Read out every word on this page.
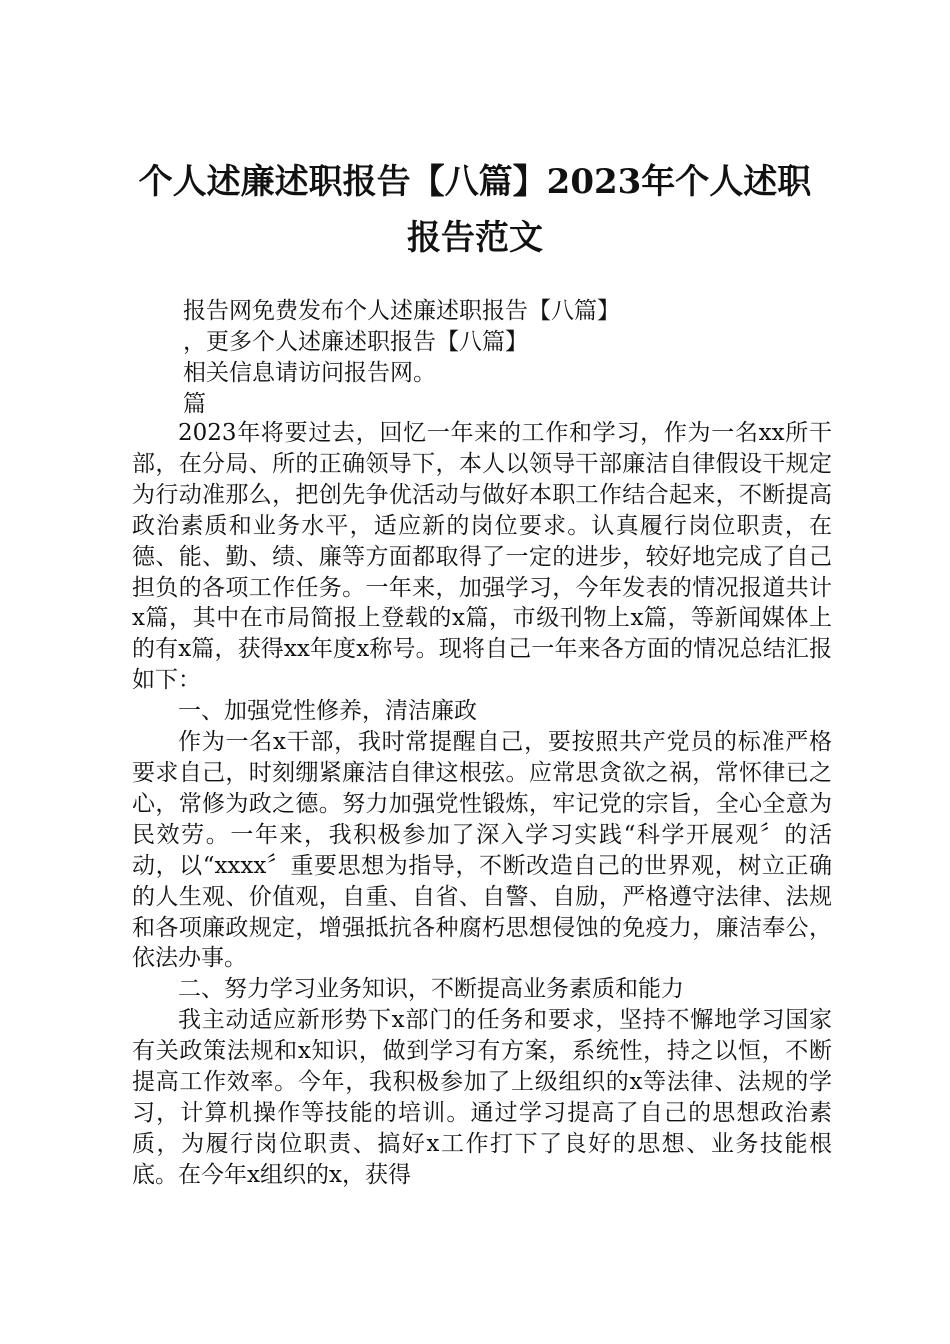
个人述廉述职报告【八篇】2023年个人述职
报告范文

报告网免费发布个人述廉述职报告【八篇】

，更多个人述廉述职报告【八篇】

相关信息请访问报告网。

篇

2023年将要过去，回忆一年来的工作和学习，作为一名xx所干部，在分局、所的正确领导下，本人以领导干部廉洁自律假设干规定为行动准那么，把创先争优活动与做好本职工作结合起来，不断提高政治素质和业务水平，适应新的岗位要求。认真履行岗位职责，在德、能、勤、绩、廉等方面都取得了一定的进步，较好地完成了自己担负的各项工作任务。一年来，加强学习，今年发表的情况报道共计x篇，其中在市局简报上登载的x篇，市级刊物上x篇，等新闻媒体上的有x篇，获得xx年度x称号。现将自己一年来各方面的情况总结汇报如下：

一、加强党性修养，清洁廉政

作为一名x干部，我时常提醒自己，要按照共产党员的标准严格要求自己，时刻绷紧廉洁自律这根弦。应常思贪欲之祸，常怀律已之心，常修为政之德。努力加强党性锻炼，牢记党的宗旨，全心全意为民效劳。一年来，我积极参加了深入学习实践“科学开展观〞的活动，以“xxxx〞重要思想为指导，不断改造自己的世界观，树立正确的人生观、价值观，自重、自省、自警、自励，严格遵守法律、法规和各项廉政规定，增强抵抗各种腐朽思想侵蚀的免疫力，廉洁奉公，依法办事。

二、努力学习业务知识，不断提高业务素质和能力

我主动适应新形势下x部门的任务和要求，坚持不懈地学习国家有关政策法规和x知识，做到学习有方案，系统性，持之以恒，不断提高工作效率。今年，我积极参加了上级组织的x等法律、法规的学习，计算机操作等技能的培训。通过学习提高了自己的思想政治素质，为履行岗位职责、搞好x工作打下了良好的思想、业务技能根底。在今年x组织的x，获得
